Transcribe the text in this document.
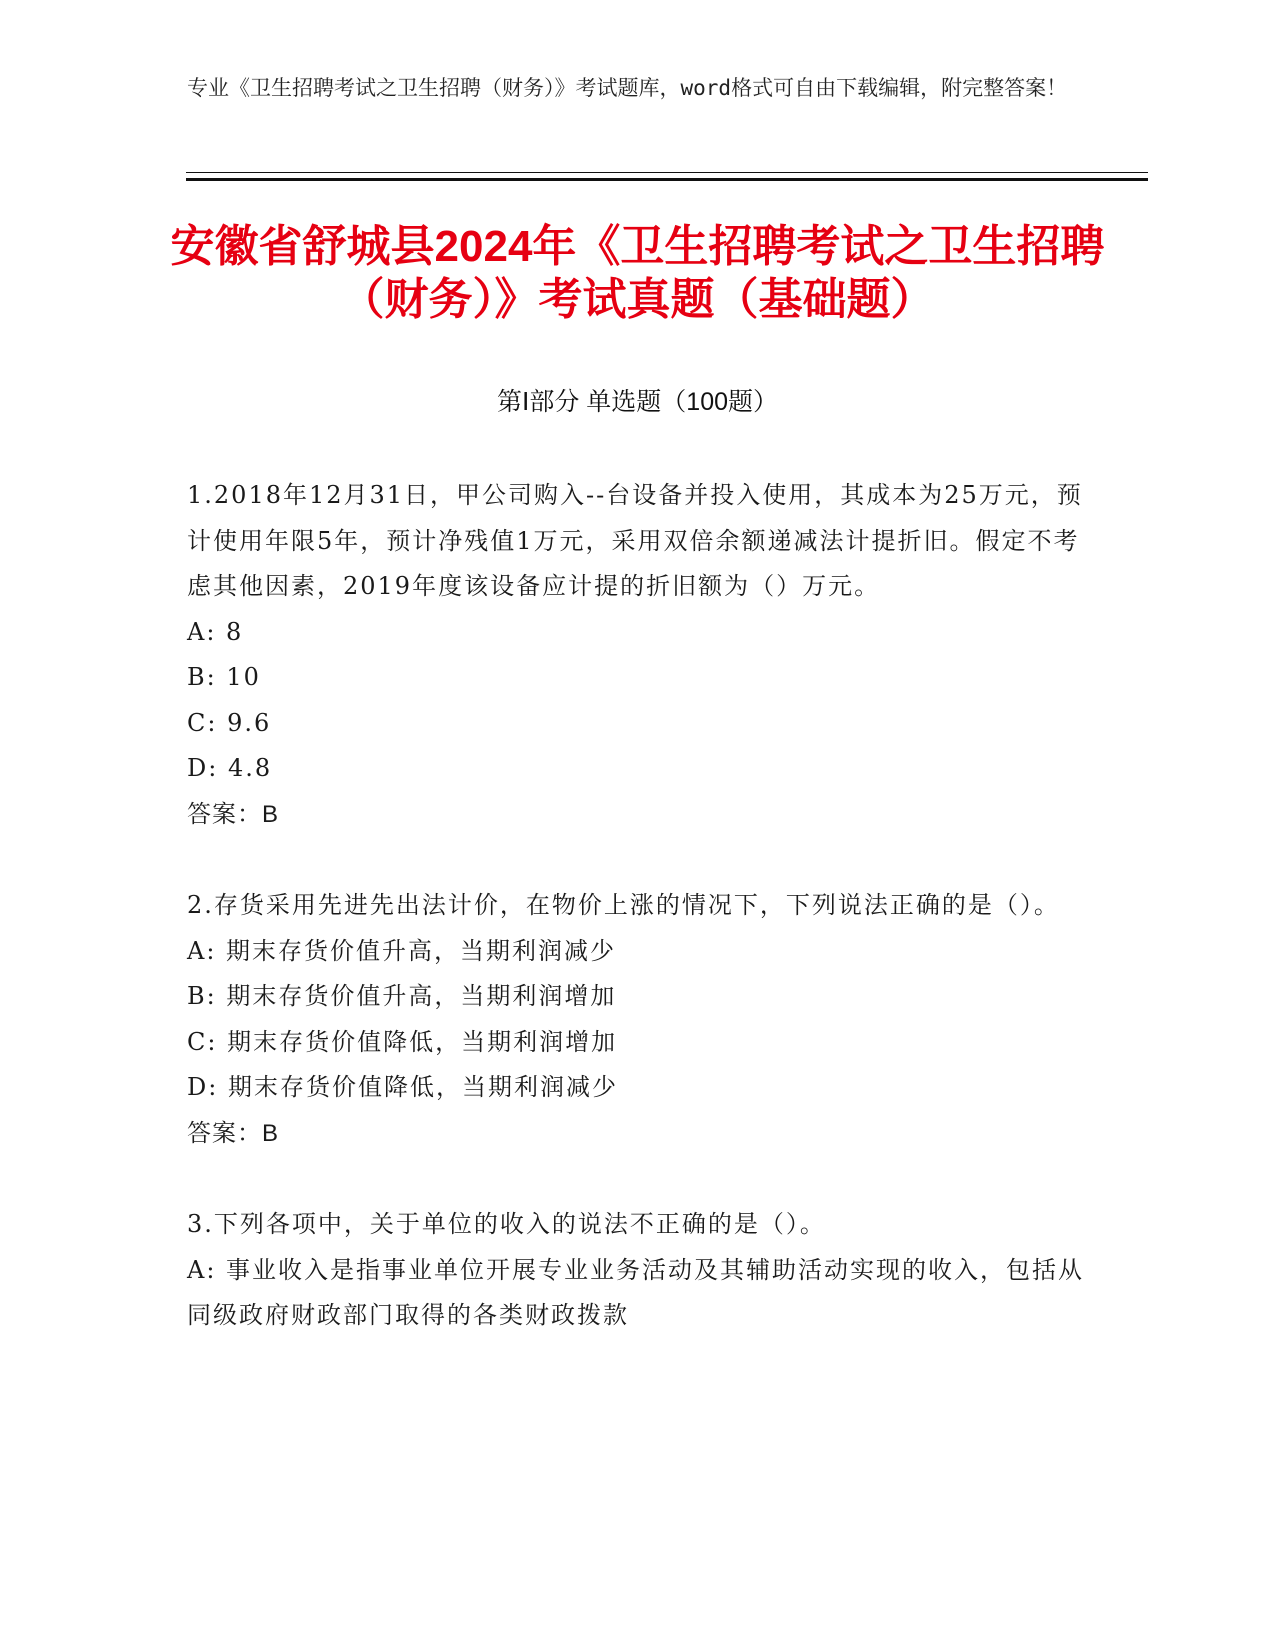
专业《卫生招聘考试之卫生招聘（财务）》考试题库，word格式可自由下载编辑，附完整答案！
安徽省舒城县2024年《卫生招聘考试之卫生招聘（财务）》考试真题（基础题）
第Ⅰ部分 单选题（100题）

1.2018年12月31日，甲公司购入--台设备并投入使用，其成本为25万元，预计使用年限5年，预计净残值1万元，采用双倍余额递减法计提折旧。假定不考虑其他因素，2019年度该设备应计提的折旧额为（）万元。

A: 8

B: 10

C: 9.6

D: 4.8

答案：B

2.存货采用先进先出法计价，在物价上涨的情况下，下列说法正确的是（）。

A: 期末存货价值升高，当期利润减少

B: 期末存货价值升高，当期利润增加

C: 期末存货价值降低，当期利润增加

D: 期末存货价值降低，当期利润减少

答案：B

3.下列各项中，关于单位的收入的说法不正确的是（）。

A: 事业收入是指事业单位开展专业业务活动及其辅助活动实现的收入，包括从同级政府财政部门取得的各类财政拨款
